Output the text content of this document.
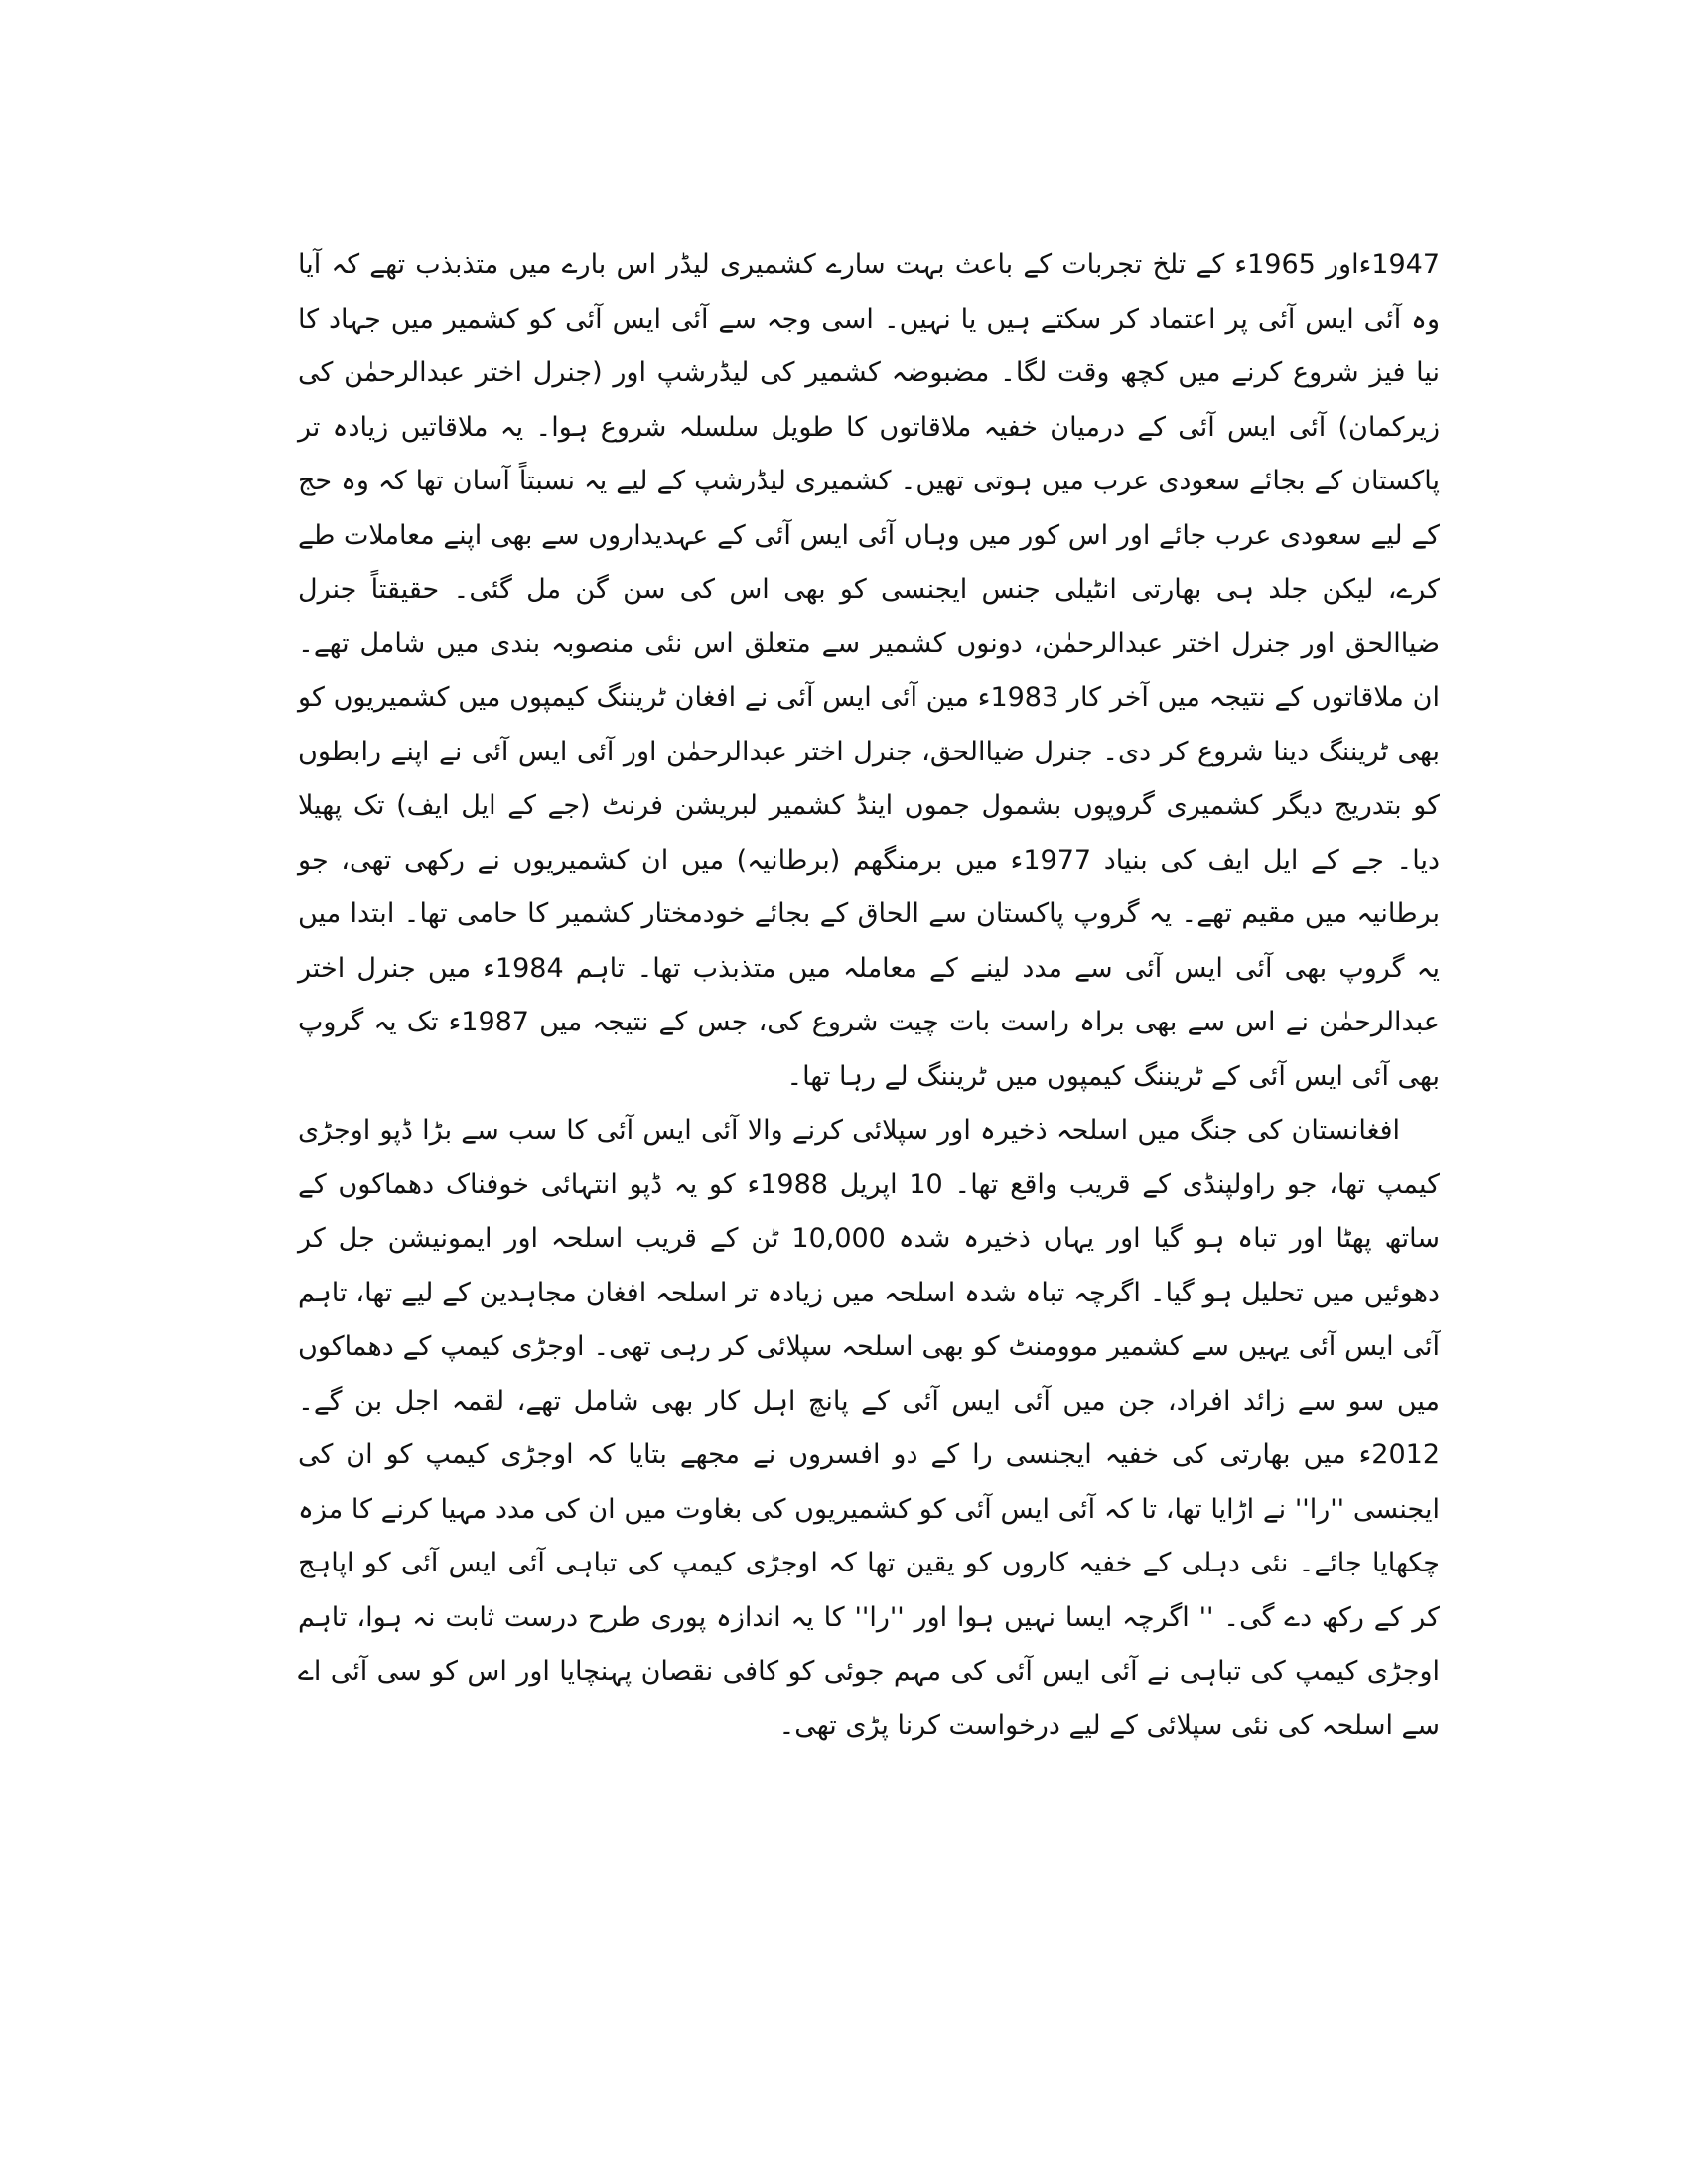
1947ءاور 1965ء کے تلخ تجربات کے باعث بہت سارے کشمیری لیڈر اس بارے میں متذبذب تھے کہ آیا وہ آئی ایس آئی پر اعتماد کر سکتے ہیں یا نہیں۔ اسی وجہ سے آئی ایس آئی کو کشمیر میں جہاد کا نیا فیز شروع کرنے میں کچھ وقت لگا۔ مضبوضہ کشمیر کی لیڈرشپ اور (جنرل اختر عبدالرحمٰن کی زیرکمان) آئی ایس آئی کے درمیان خفیہ ملاقاتوں کا طویل سلسلہ شروع ہوا۔ یہ ملاقاتیں زیادہ تر پاکستان کے بجائے سعودی عرب میں ہوتی تھیں۔ کشمیری لیڈرشپ کے لیے یہ نسبتاً آسان تھا کہ وہ حج کے لیے سعودی عرب جائے اور اس کور میں وہاں آئی ایس آئی کے عہدیداروں سے بھی اپنے معاملات طے کرے، لیکن جلد ہی بھارتی انٹیلی جنس ایجنسی کو بھی اس کی سن گن مل گئی۔ حقیقتاً جنرل ضیاالحق اور جنرل اختر عبدالرحمٰن، دونوں کشمیر سے متعلق اس نئی منصوبہ بندی میں شامل تھے۔ ان ملاقاتوں کے نتیجہ میں آخر کار 1983ء مین آئی ایس آئی نے افغان ٹریننگ کیمپوں میں کشمیریوں کو بھی ٹریننگ دینا شروع کر دی۔ جنرل ضیاالحق، جنرل اختر عبدالرحمٰن اور آئی ایس آئی نے اپنے رابطوں کو بتدریج دیگر کشمیری گروپوں بشمول جموں اینڈ کشمیر لبریشن فرنٹ (جے کے ایل ایف) تک پھیلا دیا۔ جے کے ایل ایف کی بنیاد 1977ء میں برمنگھم (برطانیہ) میں ان کشمیریوں نے رکھی تھی، جو برطانیہ میں مقیم تھے۔ یہ گروپ پاکستان سے الحاق کے بجائے خودمختار کشمیر کا حامی تھا۔ ابتدا میں یہ گروپ بھی آئی ایس آئی سے مدد لینے کے معاملہ میں متذبذب تھا۔ تاہم 1984ء میں جنرل اختر عبدالرحمٰن نے اس سے بھی براہ راست بات چیت شروع کی، جس کے نتیجہ میں 1987ء تک یہ گروپ بھی آئی ایس آئی کے ٹریننگ کیمپوں میں ٹریننگ لے رہا تھا۔

افغانستان کی جنگ میں اسلحہ ذخیرہ اور سپلائی کرنے والا آئی ایس آئی کا سب سے بڑا ڈپو اوجڑی کیمپ تھا، جو راولپنڈی کے قریب واقع تھا۔ 10 اپریل 1988ء کو یہ ڈپو انتہائی خوفناک دھماکوں کے ساتھ پھٹا اور تباہ ہو گیا اور یہاں ذخیرہ شدہ 10,000 ٹن کے قریب اسلحہ اور ایمونیشن جل کر دھوئیں میں تحلیل ہو گیا۔ اگرچہ تباہ شدہ اسلحہ میں زیادہ تر اسلحہ افغان مجاہدین کے لیے تھا، تاہم آئی ایس آئی یہیں سے کشمیر موومنٹ کو بھی اسلحہ سپلائی کر رہی تھی۔ اوجڑی کیمپ کے دھماکوں میں سو سے زائد افراد، جن میں آئی ایس آئی کے پانچ اہل کار بھی شامل تھے، لقمہ اجل بن گے۔ 2012ء میں بھارتی کی خفیہ ایجنسی را کے دو افسروں نے مجھے بتایا کہ اوجڑی کیمپ کو ان کی ایجنسی ''را'' نے اڑایا تھا، تا کہ آئی ایس آئی کو کشمیریوں کی بغاوت میں ان کی مدد مہیا کرنے کا مزہ چکھایا جائے۔ نئی دہلی کے خفیہ کاروں کو یقین تھا کہ اوجڑی کیمپ کی تباہی آئی ایس آئی کو اپاہج کر کے رکھ دے گی۔ '' اگرچہ ایسا نہیں ہوا اور ''را'' کا یہ اندازہ پوری طرح درست ثابت نہ ہوا، تاہم اوجڑی کیمپ کی تباہی نے آئی ایس آئی کی مہم جوئی کو کافی نقصان پہنچایا اور اس کو سی آئی اے سے اسلحہ کی نئی سپلائی کے لیے درخواست کرنا پڑی تھی۔
